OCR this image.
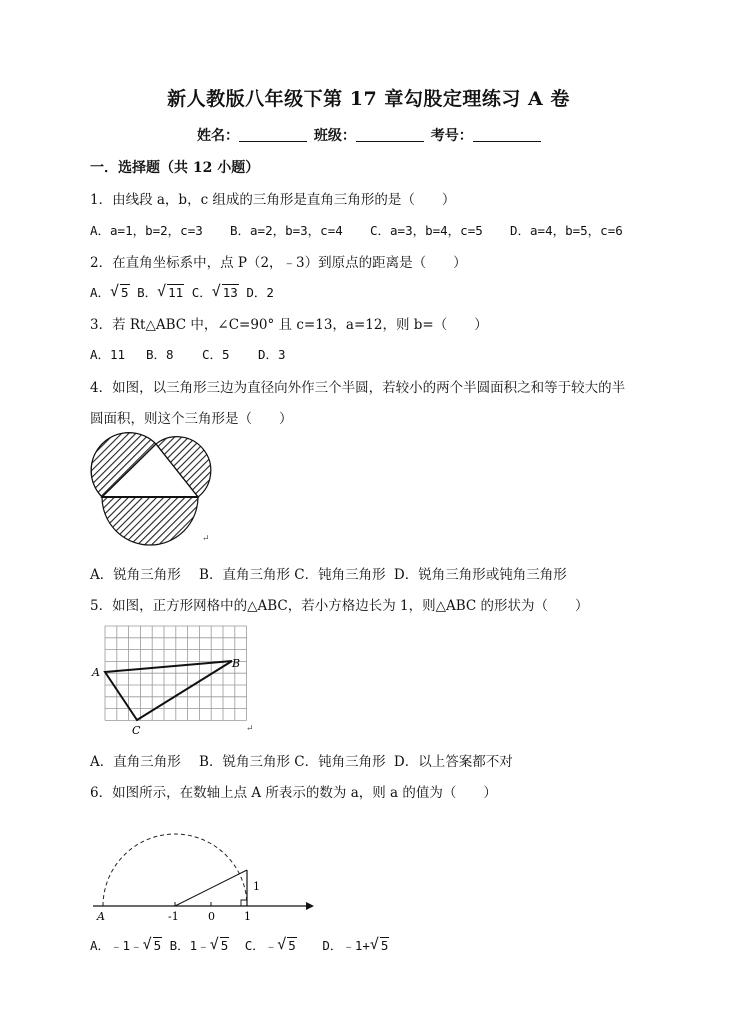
新人教版八年级下第 17 章勾股定理练习 A 卷
姓名：	班级：	考号：
一．选择题（共 12 小题）
1．由线段 a，b，c 组成的三角形是直角三角形的是（　　）
A．a=1，b=2，c=3 B．a=2，b=3，c=4 C．a=3，b=4，c=5 D．a=4，b=5，c=6
2．在直角坐标系中，点 P（2，﹣3）到原点的距离是（　　）
A． √ 5 B． √ 11 C． √ 13 D．2
3．若 Rt△ABC 中，∠C=90° 且 c=13，a=12，则 b=（　　）
A．11 B．8 C．5 D．3
4．如图，以三角形三边为直径向外作三个半圆，若较小的两个半圆面积之和等于较大的半
圆面积，则这个三角形是（　　）
↵
A．锐角三角形 B．直角三角形 C．钝角三角形 D．锐角三角形或钝角三角形
5．如图，正方形网格中的△ABC，若小方格边长为 1，则△ABC 的形状为（　　）
A
B
C	↵
A．直角三角形 B．锐角三角形 C．钝角三角形 D．以上答案都不对
6．如图所示，在数轴上点 A 所表示的数为 a，则 a 的值为（　　）
A	-1	0	1
1
A．﹣1﹣ √ 5 B．1﹣ √ 5 C．﹣ √ 5 D．﹣1+ √ 5
